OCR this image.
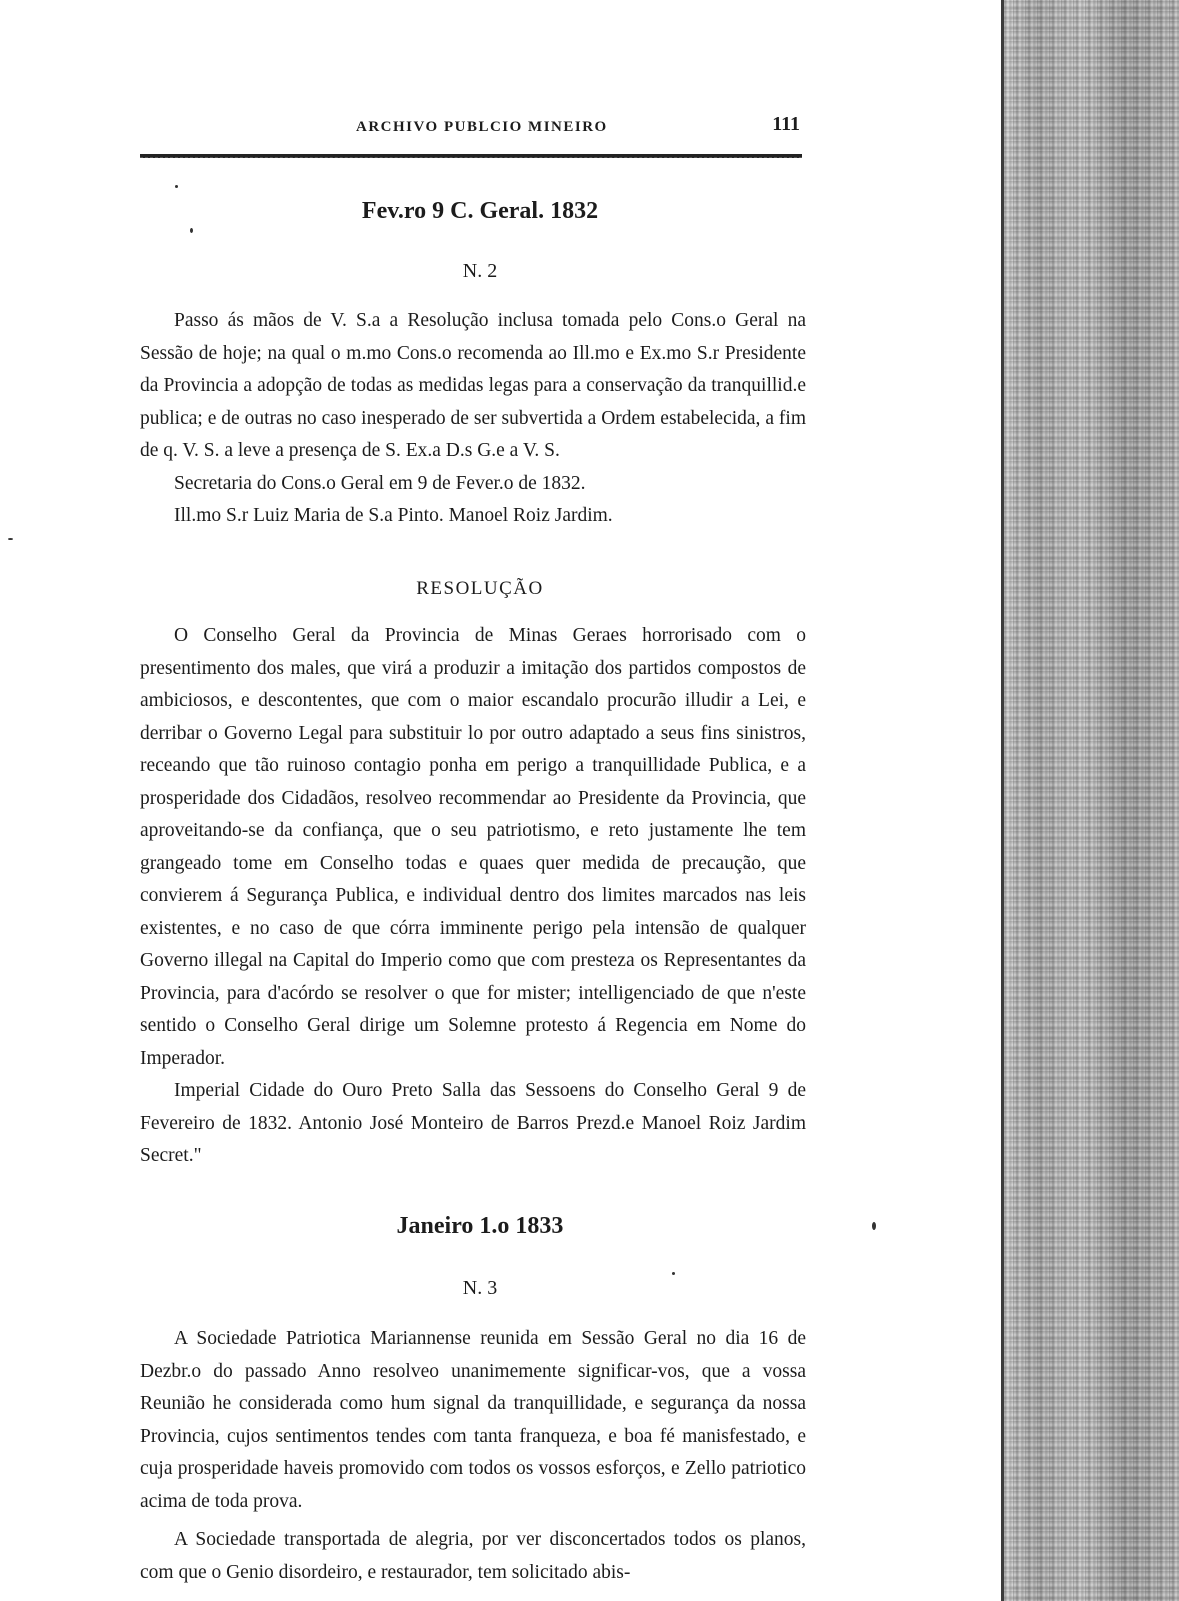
ARCHIVO PUBLCIO MINEIRO	111
Fev.ro 9 C. Geral. 1832
N. 2

Passo ás mãos de V. S.a a Resolução inclusa tomada pelo Cons.o Geral na Sessão de hoje; na qual o m.mo Cons.o recomenda ao Ill.mo e Ex.mo S.r Presidente da Provincia a adopção de todas as medidas legas para a conservação da tranquillid.e publica; e de outras no caso inesperado de ser subvertida a Ordem estabelecida, a fim de q. V. S. a leve a presença de S. Ex.a D.s G.e a V. S.

Secretaria do Cons.o Geral em 9 de Fever.o de 1832.

Ill.mo S.r Luiz Maria de S.a Pinto. Manoel Roiz Jardim.

RESOLUÇÃO

O Conselho Geral da Provincia de Minas Geraes horrorisado com o presentimento dos males, que virá a produzir a imitação dos partidos compostos de ambiciosos, e descontentes, que com o maior escandalo procurão illudir a Lei, e derribar o Governo Legal para substituir lo por outro adaptado a seus fins sinistros, receando que tão ruinoso contagio ponha em perigo a tranquillidade Publica, e a prosperidade dos Cidadãos, resolveo recommendar ao Presidente da Provincia, que aproveitando-se da confiança, que o seu patriotismo, e reto justamente lhe tem grangeado tome em Conselho todas e quaes quer medida de precaução, que convierem á Segurança Publica, e individual dentro dos limites marcados nas leis existentes, e no caso de que córra imminente perigo pela intensão de qualquer Governo illegal na Capital do Imperio como que com presteza os Representantes da Provincia, para d'acórdo se resolver o que for mister; intelligenciado de que n'este sentido o Conselho Geral dirige um Solemne protesto á Regencia em Nome do Imperador.

Imperial Cidade do Ouro Preto Salla das Sessoens do Conselho Geral 9 de Fevereiro de 1832. Antonio José Monteiro de Barros Prezd.e Manoel Roiz Jardim Secret."

Janeiro 1.o 1833
N. 3

A Sociedade Patriotica Mariannense reunida em Sessão Geral no dia 16 de Dezbr.o do passado Anno resolveo unanimemente significar-vos, que a vossa Reunião he considerada como hum signal da tranquillidade, e segurança da nossa Provincia, cujos sentimentos tendes com tanta franqueza, e boa fé manisfestado, e cuja prosperidade haveis promovido com todos os vossos esforços, e Zello patriotico acima de toda prova.

A Sociedade transportada de alegria, por ver disconcertados todos os planos, com que o Genio disordeiro, e restaurador, tem solicitado abis-
